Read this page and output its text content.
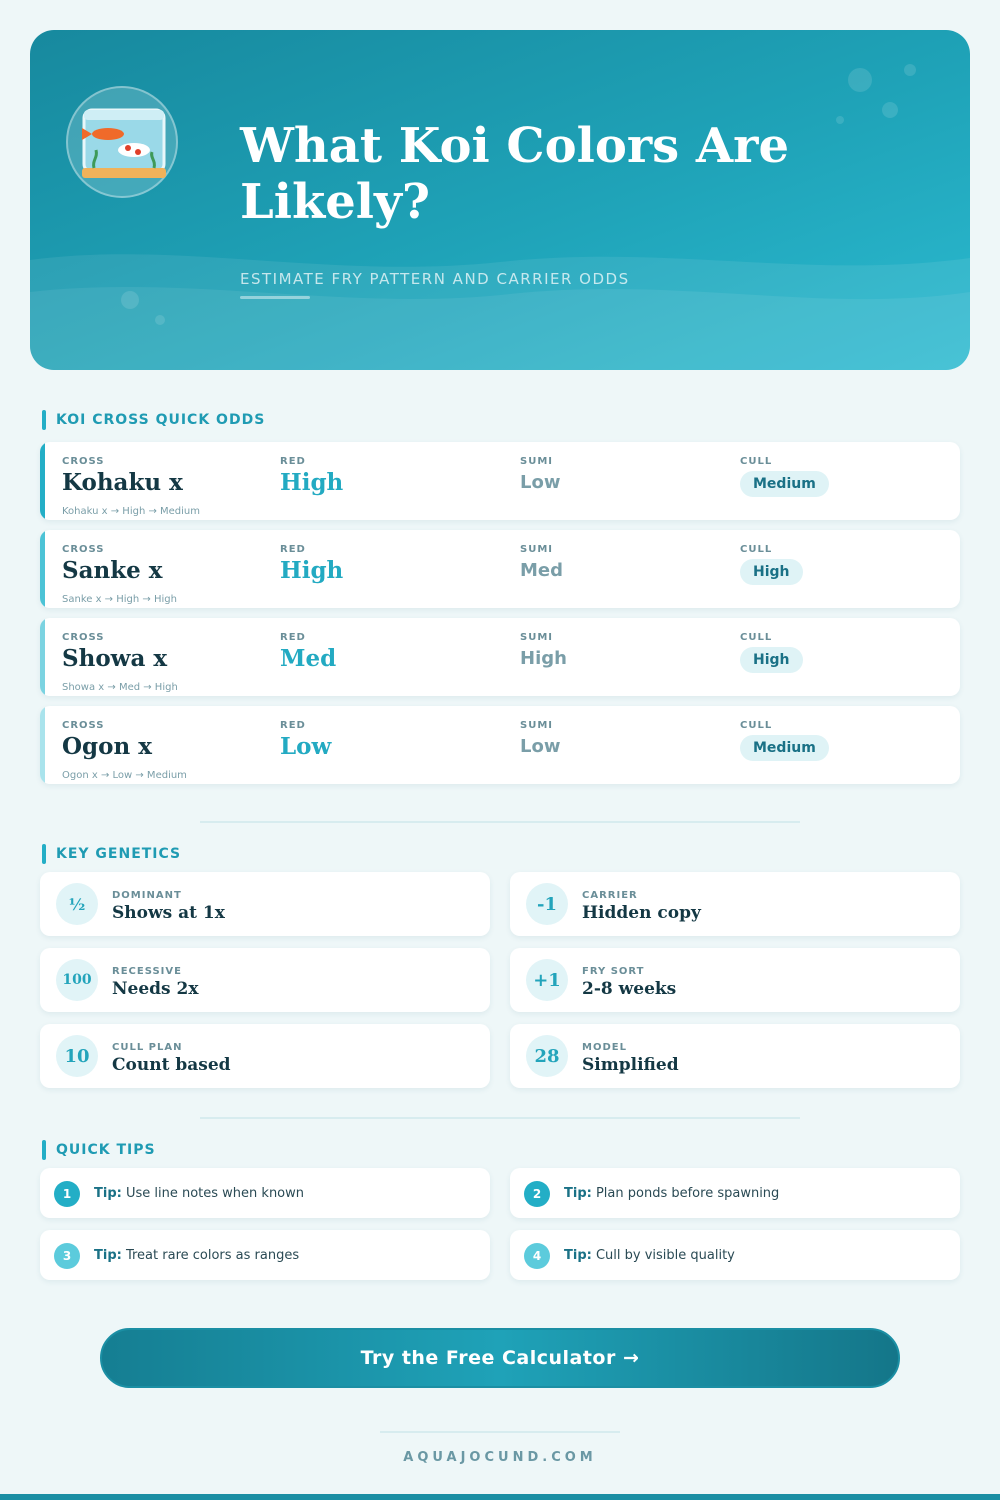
What Koi Colors Are Likely?
ESTIMATE FRY PATTERN AND CARRIER ODDS
KOI CROSS QUICK ODDS
CROSS
Kohaku x
RED
High
SUMI
Low
CULL
Medium
Kohaku x → High → Medium
CROSS
Sanke x
RED
High
SUMI
Med
CULL
High
Sanke x → High → High
CROSS
Showa x
RED
Med
SUMI
High
CULL
High
Showa x → Med → High
CROSS
Ogon x
RED
Low
SUMI
Low
CULL
Medium
Ogon x → Low → Medium
KEY GENETICS
½	DOMINANT
Shows at 1x	-1	CARRIER
Hidden copy
100
RECESSIVE
Needs 2x	+1	FRY SORT
2-8 weeks
10	CULL PLAN
Count based	28	MODEL
Simplified
QUICK TIPS
1	Tip: Use line notes when known	2	Tip: Plan ponds before spawning
3	Tip: Treat rare colors as ranges	4	Tip: Cull by visible quality
Try the Free Calculator →
AQUAJOCUND.COM
